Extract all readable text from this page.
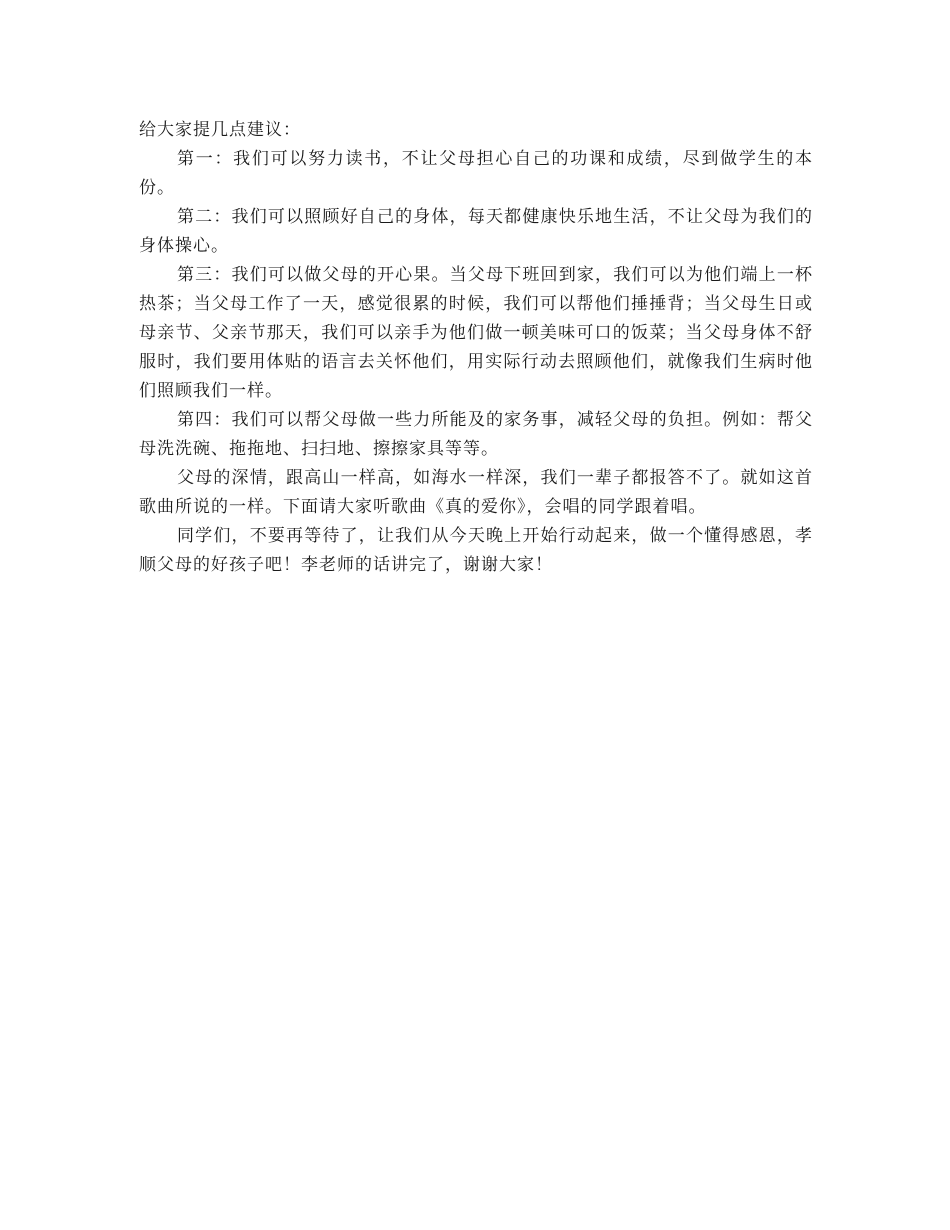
给大家提几点建议：

第一：我们可以努力读书，不让父母担心自己的功课和成绩，尽到做学生的本份。

第二：我们可以照顾好自己的身体，每天都健康快乐地生活，不让父母为我们的身体操心。

第三：我们可以做父母的开心果。当父母下班回到家，我们可以为他们端上一杯热茶；当父母工作了一天，感觉很累的时候，我们可以帮他们捶捶背；当父母生日或母亲节、父亲节那天，我们可以亲手为他们做一顿美味可口的饭菜；当父母身体不舒服时，我们要用体贴的语言去关怀他们，用实际行动去照顾他们，就像我们生病时他们照顾我们一样。

第四：我们可以帮父母做一些力所能及的家务事，减轻父母的负担。例如：帮父母洗洗碗、拖拖地、扫扫地、擦擦家具等等。

父母的深情，跟高山一样高，如海水一样深，我们一辈子都报答不了。就如这首歌曲所说的一样。下面请大家听歌曲《真的爱你》，会唱的同学跟着唱。

同学们，不要再等待了，让我们从今天晚上开始行动起来，做一个懂得感恩，孝顺父母的好孩子吧！李老师的话讲完了，谢谢大家！
